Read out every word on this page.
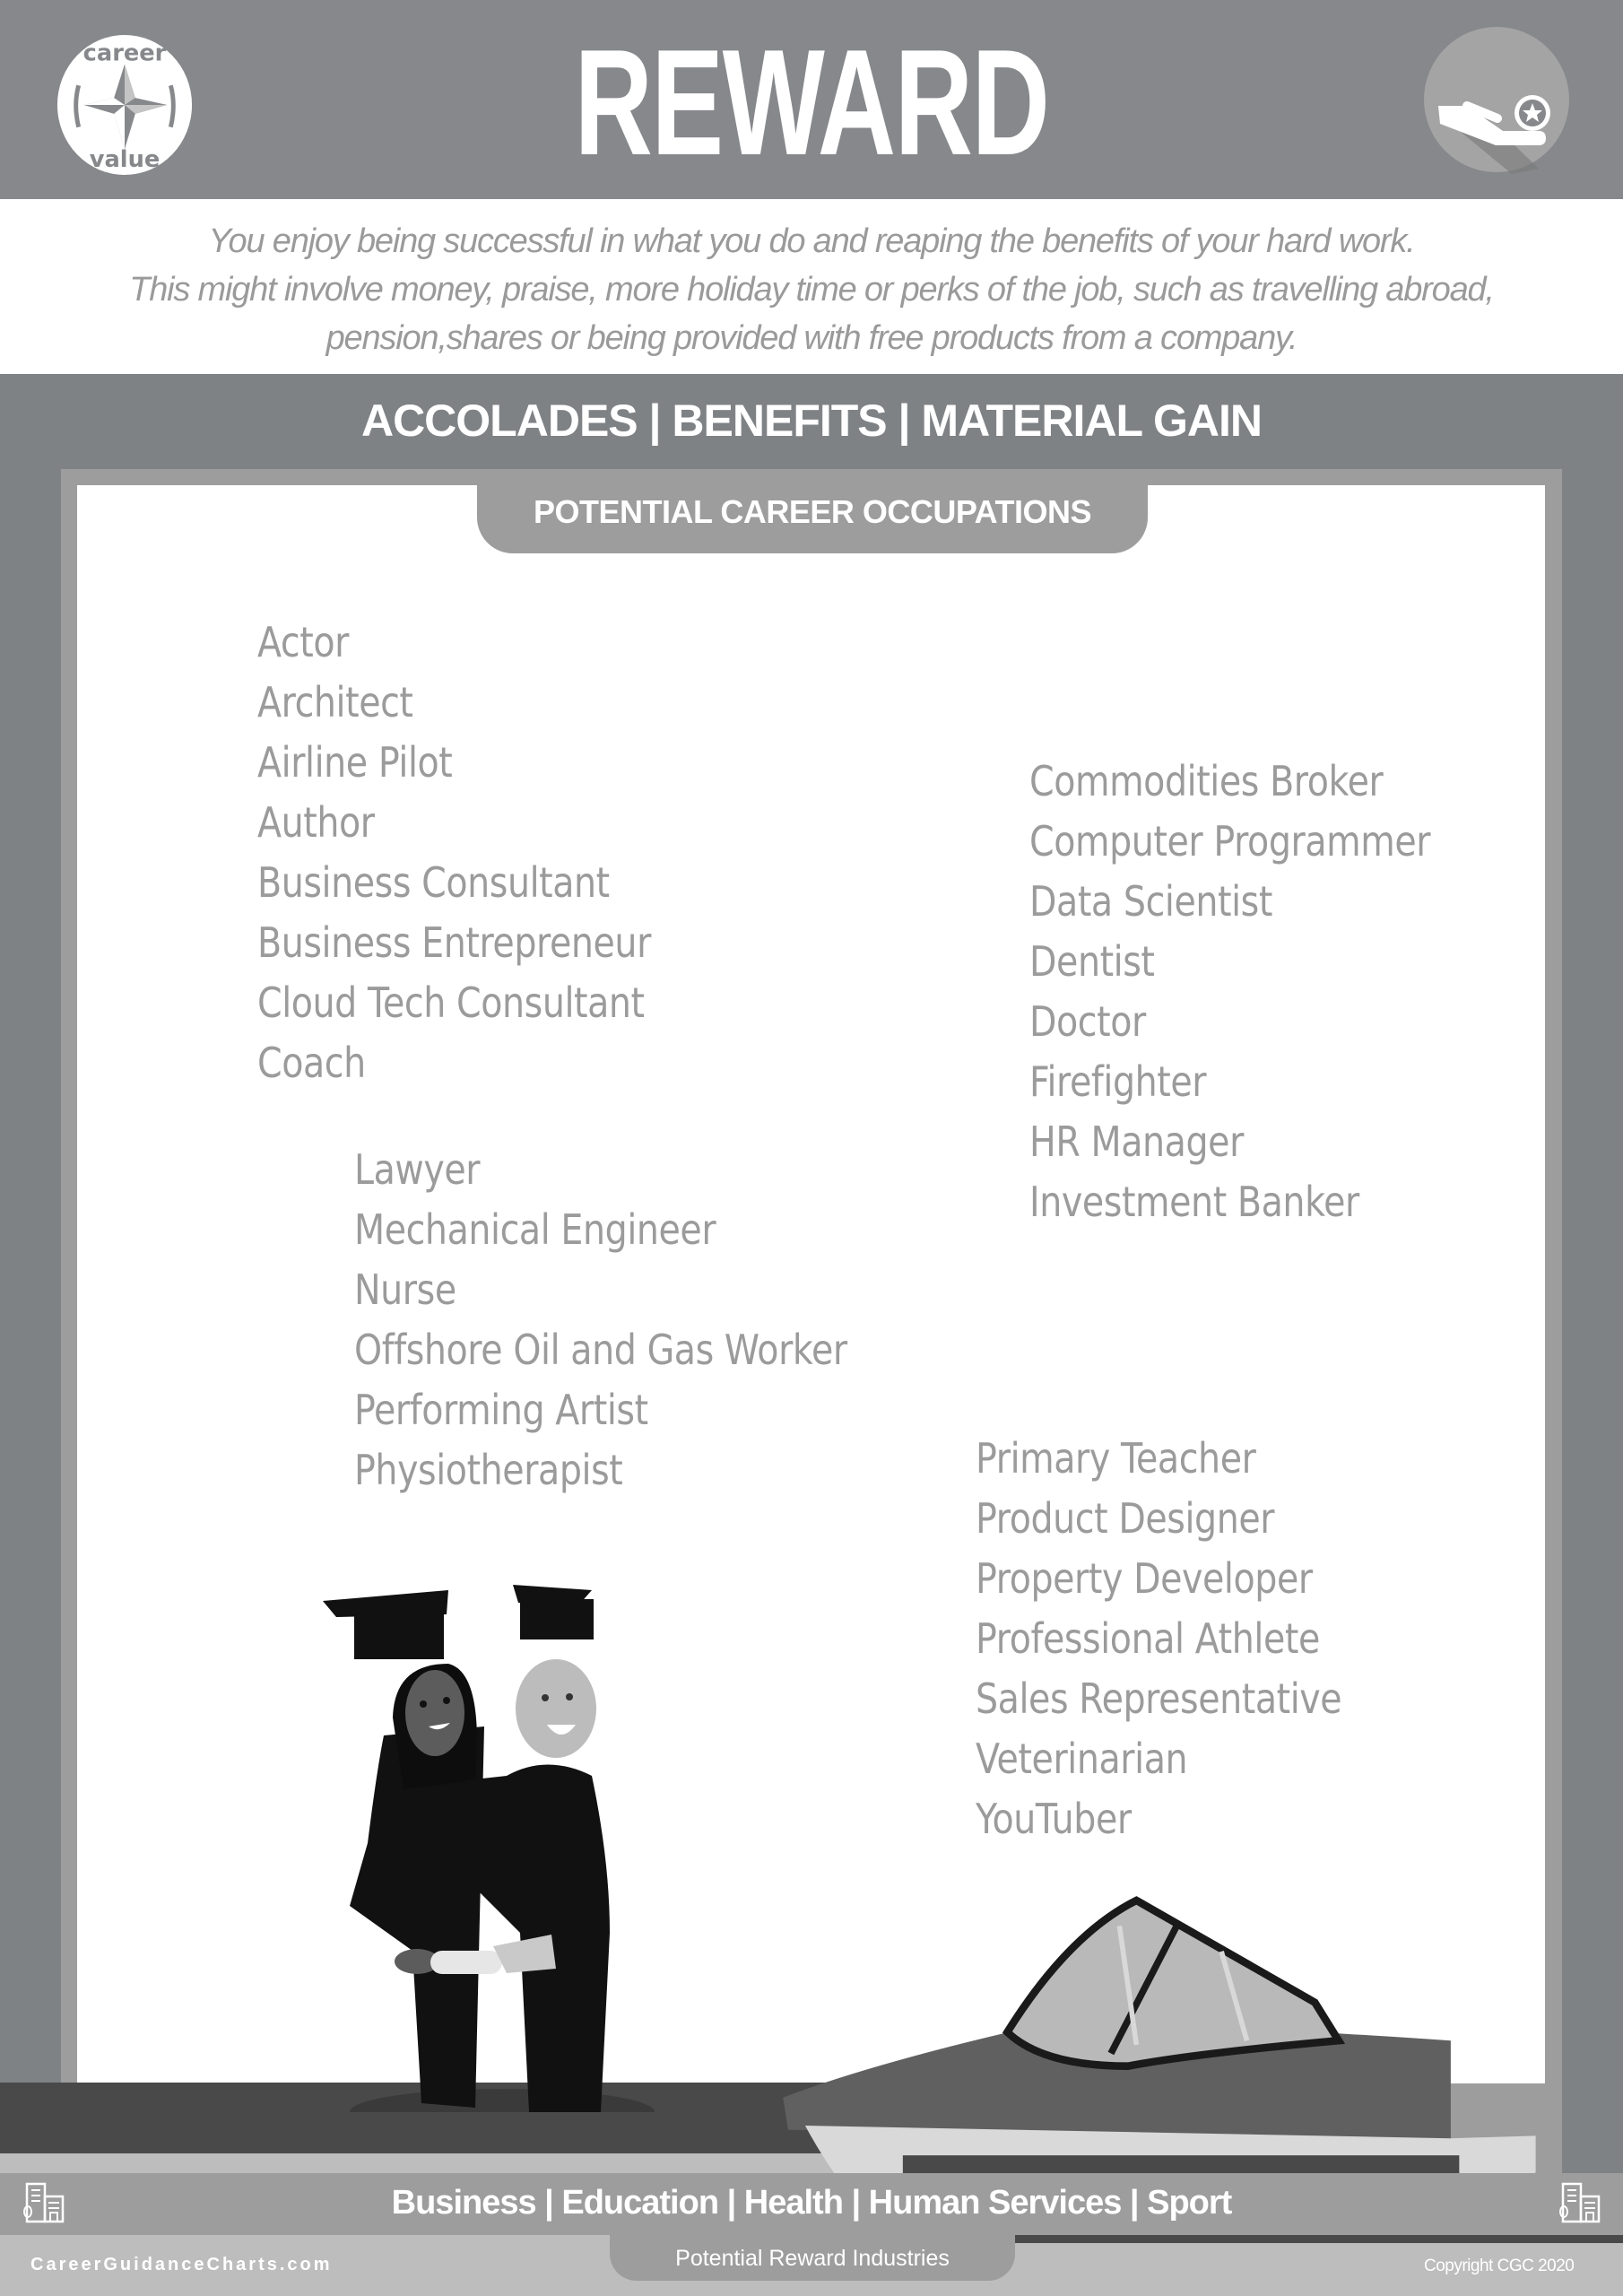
career
value	REWARD
You enjoy being successful in what you do and reaping the benefits of your hard work.
This might involve money, praise, more holiday time or perks of the job, such as travelling abroad,
pension,shares or being provided with free products from a company.
ACCOLADES | BENEFITS | MATERIAL GAIN
POTENTIAL CAREER OCCUPATIONS
Actor
Architect
Airline Pilot
Author
Business Consultant
Business Entrepreneur
Cloud Tech Consultant
Coach
Commodities Broker
Computer Programmer
Data Scientist
Dentist
Doctor
Firefighter
HR Manager
Investment Banker
Lawyer
Mechanical Engineer
Nurse
Offshore Oil and Gas Worker
Performing Artist
Physiotherapist	Primary Teacher
Product Designer
Property Developer
Professional Athlete
Sales Representative
Veterinarian
YouTuber
Business | Education | Health | Human Services | Sport
Potential Reward Industries
CareerGuidanceCharts.com	Copyright CGC 2020
